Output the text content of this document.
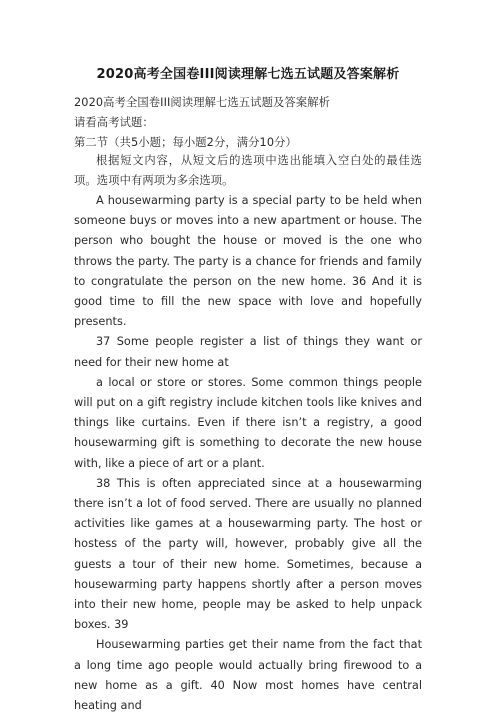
2020高考全国卷III阅读理解七选五试题及答案解析
2020高考全国卷III阅读理解七选五试题及答案解析
请看高考试题：
第二节（共5小题；每小题2分，满分10分）

根据短文内容，从短文后的选项中选出能填入空白处的最佳选项。选项中有两项为多余选项。

A housewarming party is a special party to be held when someone buys or moves into a new apartment or house. The person who bought the house or moved is the one who throws the party. The party is a chance for friends and family to congratulate the person on the new home. 36 And it is good time to fill the new space with love and hopefully presents.

37 Some people register a list of things they want or need for their new home at

a local or store or stores. Some common things people will put on a gift registry include kitchen tools like knives and things like curtains. Even if there isn’t a registry, a good housewarming gift is something to decorate the new house with, like a piece of art or a plant.

38 This is often appreciated since at a housewarming there isn’t a lot of food served. There are usually no planned activities like games at a housewarming party. The host or hostess of the party will, however, probably give all the guests a tour of their new home. Sometimes, because a housewarming party happens shortly after a person moves into their new home, people may be asked to help unpack boxes. 39

Housewarming parties get their name from the fact that a long time ago people would actually bring firewood to a new home as a gift. 40 Now most homes have central heating and
